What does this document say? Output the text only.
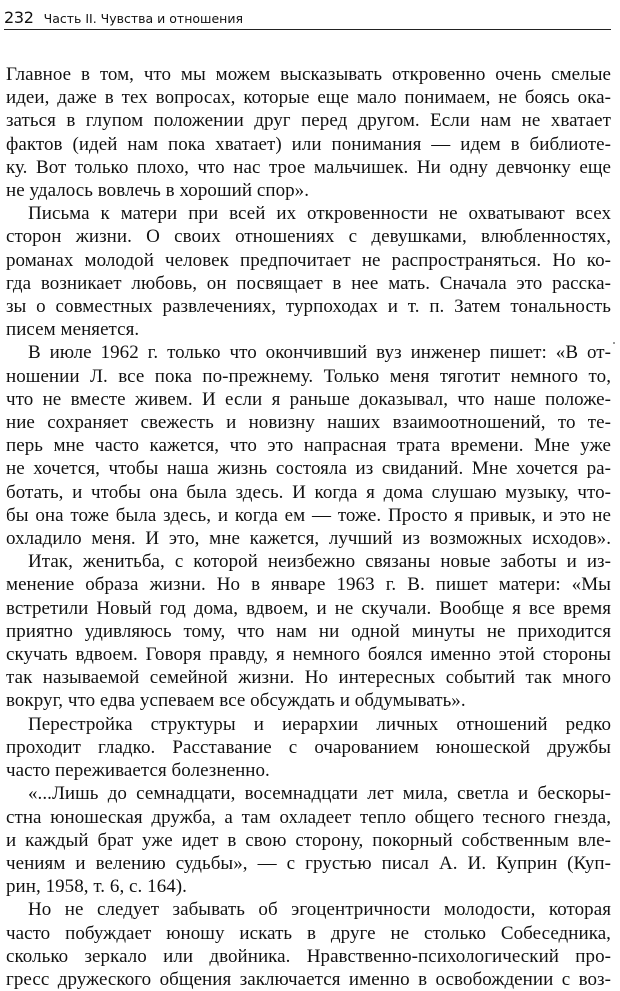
232 Часть II. Чувства и отношения
Главное в том, что мы можем высказывать откровенно очень смелые
идеи, даже в тех вопросах, которые еще мало понимаем, не боясь ока-
заться в глупом положении друг перед другом. Если нам не хватает
фактов (идей нам пока хватает) или понимания — идем в библиоте-
ку. Вот только плохо, что нас трое мальчишек. Ни одну девчонку еще
не удалось вовлечь в хороший спор».
Письма к матери при всей их откровенности не охватывают всех
сторон жизни. О своих отношениях с девушками, влюбленностях,
романах молодой человек предпочитает не распространяться. Но ко-
гда возникает любовь, он посвящает в нее мать. Сначала это расска-
зы о совместных развлечениях, турпоходах и т. п. Затем тональность
писем меняется.
В июле 1962 г. только что окончивший вуз инженер пишет: «В от-
ношении Л. все пока по-прежнему. Только меня тяготит немного то,
что не вместе живем. И если я раньше доказывал, что наше положе-
ние сохраняет свежесть и новизну наших взаимоотношений, то те-
перь мне часто кажется, что это напрасная трата времени. Мне уже
не хочется, чтобы наша жизнь состояла из свиданий. Мне хочется ра-
ботать, и чтобы она была здесь. И когда я дома слушаю музыку, что-
бы она тоже была здесь, и когда ем — тоже. Просто я привык, и это не
охладило меня. И это, мне кажется, лучший из возможных исходов».
Итак, женитьба, с которой неизбежно связаны новые заботы и из-
менение образа жизни. Но в январе 1963 г. В. пишет матери: «Мы
встретили Новый год дома, вдвоем, и не скучали. Вообще я все время
приятно удивляюсь тому, что нам ни одной минуты не приходится
скучать вдвоем. Говоря правду, я немного боялся именно этой стороны
так называемой семейной жизни. Но интересных событий так много
вокруг, что едва успеваем все обсуждать и обдумывать».
Перестройка структуры и иерархии личных отношений редко
проходит гладко. Расставание с очарованием юношеской дружбы
часто переживается болезненно.
«...Лишь до семнадцати, восемнадцати лет мила, светла и бескоры-
стна юношеская дружба, а там охладеет тепло общего тесного гнезда,
и каждый брат уже идет в свою сторону, покорный собственным вле-
чениям и велению судьбы», — с грустью писал А. И. Куприн (Куп-
рин, 1958, т. 6, с. 164).
Но не следует забывать об эгоцентричности молодости, которая
часто побуждает юношу искать в друге не столько Собеседника,
сколько зеркало или двойника. Нравственно-психологический про-
гресс дружеского общения заключается именно в освобождении с воз-
